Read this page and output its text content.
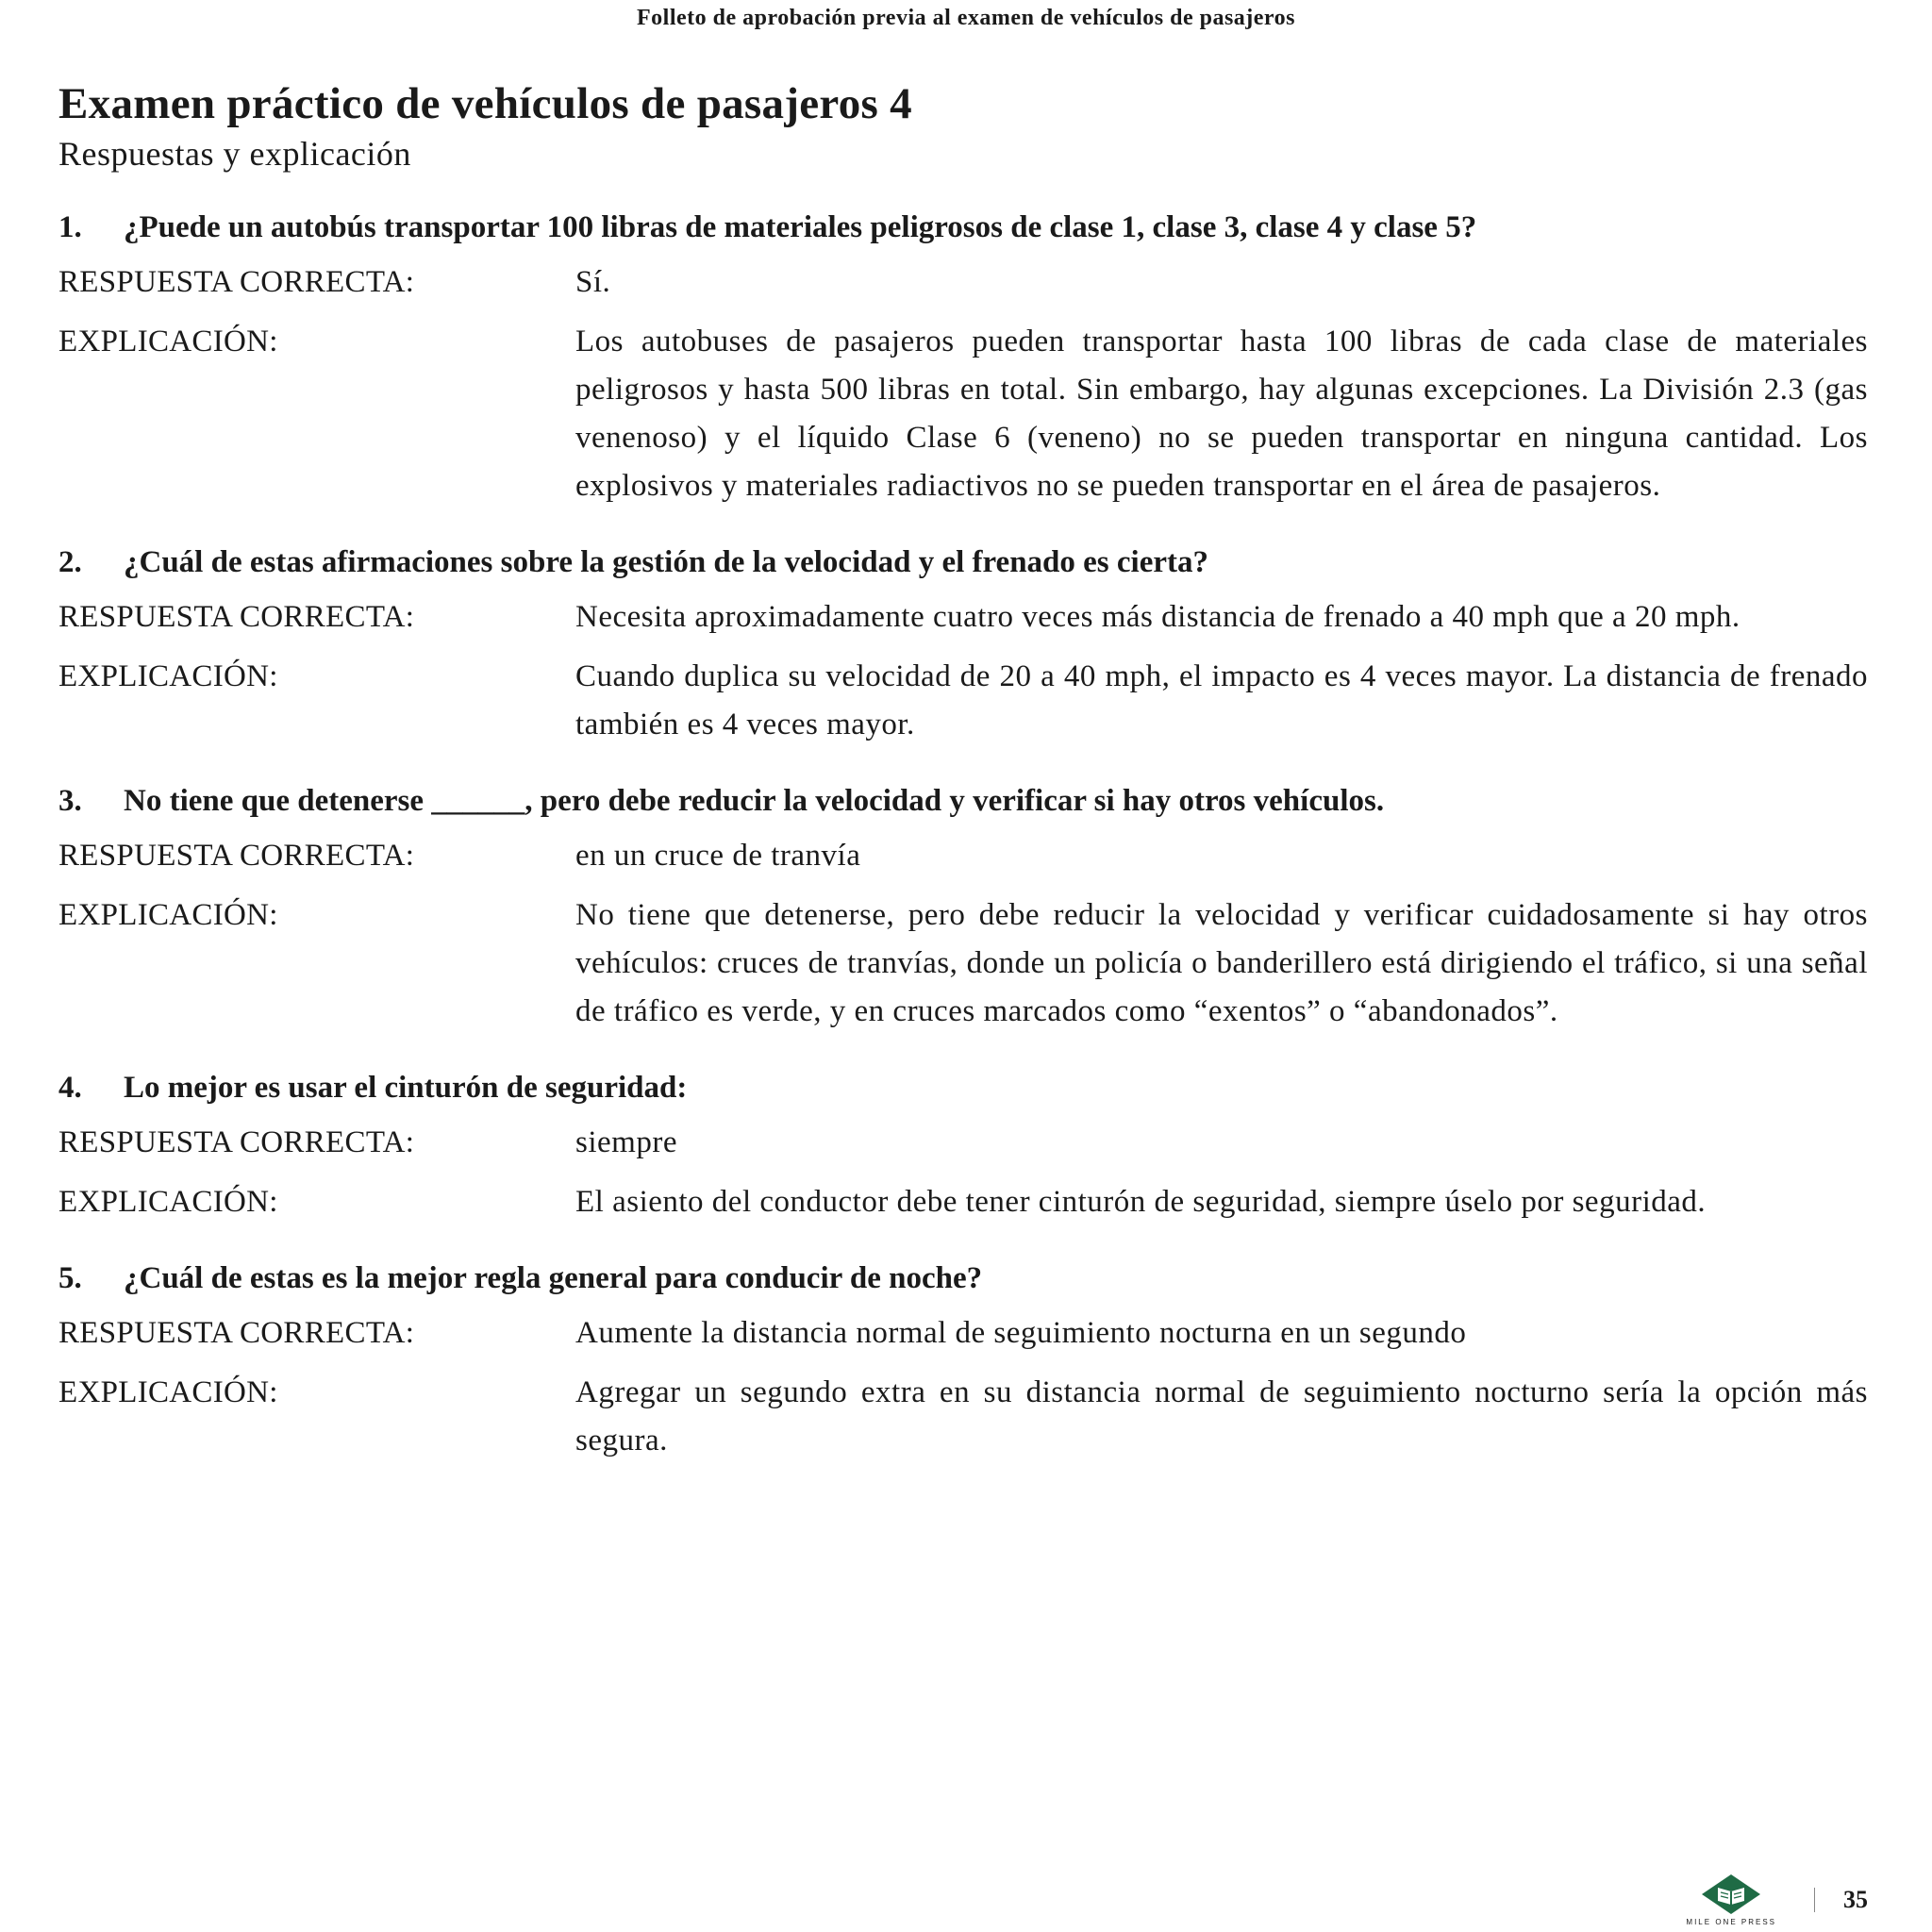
Folleto de aprobación previa al examen de vehículos de pasajeros
Examen práctico de vehículos de pasajeros 4
Respuestas y explicación
1.	¿Puede un autobús transportar 100 libras de materiales peligrosos de clase 1, clase 3, clase 4 y clase 5?
RESPUESTA CORRECTA:	Sí.
EXPLICACIÓN:	Los autobuses de pasajeros pueden transportar hasta 100 libras de cada clase de materiales peligrosos y hasta 500 libras en total. Sin embargo, hay algunas excepciones. La División 2.3 (gas venenoso) y el líquido Clase 6 (veneno) no se pueden transportar en ninguna cantidad. Los explosivos y materiales radiactivos no se pueden transportar en el área de pasajeros.
2.	¿Cuál de estas afirmaciones sobre la gestión de la velocidad y el frenado es cierta?
RESPUESTA CORRECTA:	Necesita aproximadamente cuatro veces más distancia de frenado a 40 mph que a 20 mph.
EXPLICACIÓN:	Cuando duplica su velocidad de 20 a 40 mph, el impacto es 4 veces mayor. La distancia de frenado también es 4 veces mayor.
3.	No tiene que detenerse ______, pero debe reducir la velocidad y verificar si hay otros vehículos.
RESPUESTA CORRECTA:	en un cruce de tranvía
EXPLICACIÓN:	No tiene que detenerse, pero debe reducir la velocidad y verificar cuidadosamente si hay otros vehículos: cruces de tranvías, donde un policía o banderillero está dirigiendo el tráfico, si una señal de tráfico es verde, y en cruces marcados como “exentos” o “abandonados”.
4.	Lo mejor es usar el cinturón de seguridad:
RESPUESTA CORRECTA:	siempre
EXPLICACIÓN:	El asiento del conductor debe tener cinturón de seguridad, siempre úselo por seguridad.
5.	¿Cuál de estas es la mejor regla general para conducir de noche?
RESPUESTA CORRECTA:	Aumente la distancia normal de seguimiento nocturna en un segundo
EXPLICACIÓN:	Agregar un segundo extra en su distancia normal de seguimiento nocturno sería la opción más segura.
MILE ONE PRESS
35
